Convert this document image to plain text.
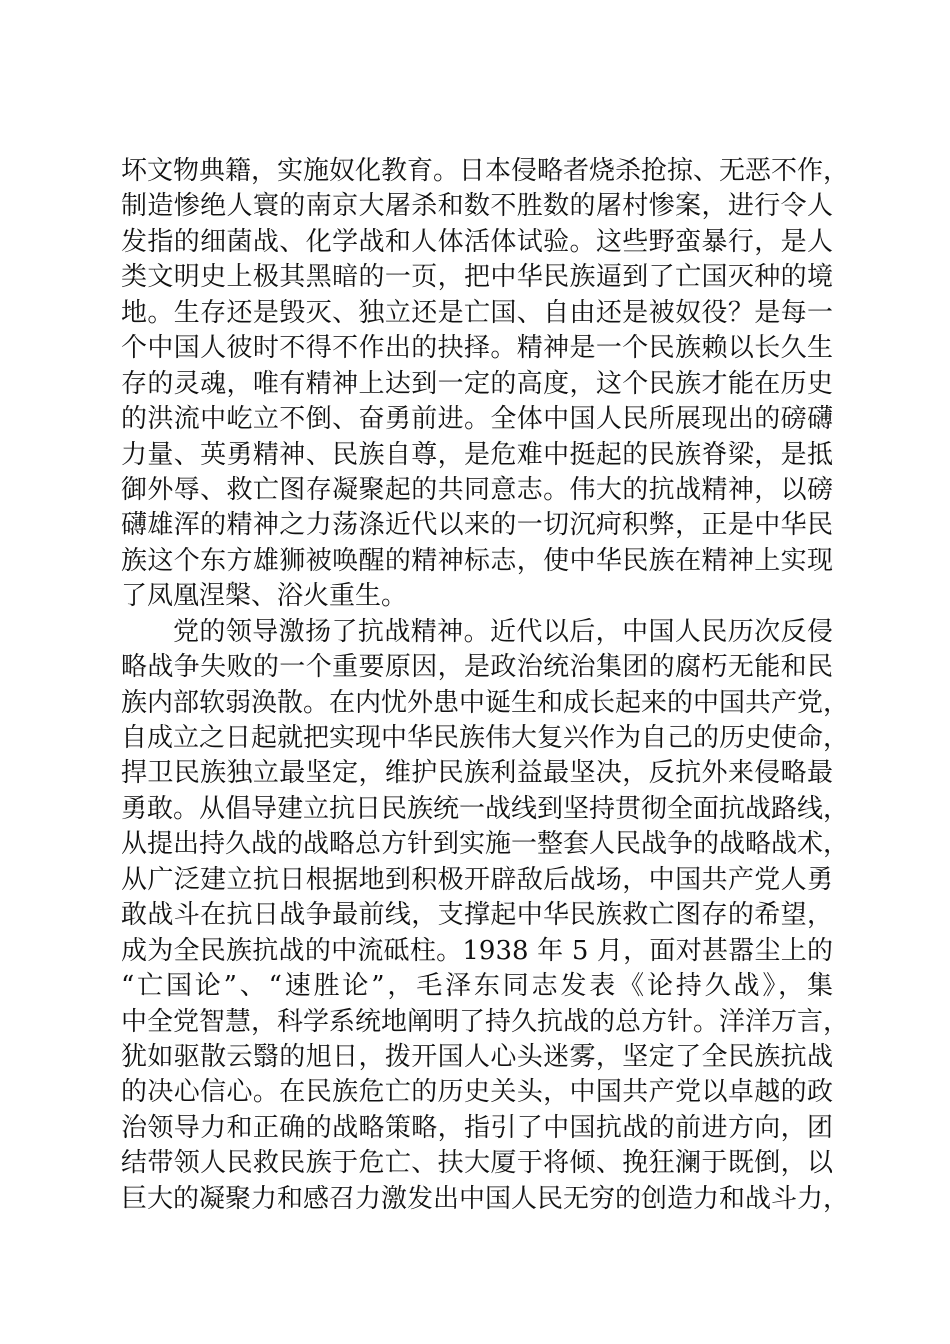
坏文物典籍，实施奴化教育。日本侵略者烧杀抢掠、无恶不作，
制造惨绝人寰的南京大屠杀和数不胜数的屠村惨案，进行令人
发指的细菌战、化学战和人体活体试验。这些野蛮暴行，是人
类文明史上极其黑暗的一页，把中华民族逼到了亡国灭种的境
地。生存还是毁灭、独立还是亡国、自由还是被奴役？是每一
个中国人彼时不得不作出的抉择。精神是一个民族赖以长久生
存的灵魂，唯有精神上达到一定的高度，这个民族才能在历史
的洪流中屹立不倒、奋勇前进。全体中国人民所展现出的磅礴
力量、英勇精神、民族自尊，是危难中挺起的民族脊梁，是抵
御外辱、救亡图存凝聚起的共同意志。伟大的抗战精神，以磅
礴雄浑的精神之力荡涤近代以来的一切沉疴积弊，正是中华民
族这个东方雄狮被唤醒的精神标志，使中华民族在精神上实现
了凤凰涅槃、浴火重生。
党的领导激扬了抗战精神。近代以后，中国人民历次反侵
略战争失败的一个重要原因，是政治统治集团的腐朽无能和民
族内部软弱涣散。在内忧外患中诞生和成长起来的中国共产党，
自成立之日起就把实现中华民族伟大复兴作为自己的历史使命，
捍卫民族独立最坚定，维护民族利益最坚决，反抗外来侵略最
勇敢。从倡导建立抗日民族统一战线到坚持贯彻全面抗战路线，
从提出持久战的战略总方针到实施一整套人民战争的战略战术，
从广泛建立抗日根据地到积极开辟敌后战场，中国共产党人勇
敢战斗在抗日战争最前线，支撑起中华民族救亡图存的希望，
成为全民族抗战的中流砥柱。1938 年 5 月，面对甚嚣尘上的
“亡国论”、“速胜论”，毛泽东同志发表《论持久战》，集
中全党智慧，科学系统地阐明了持久抗战的总方针。洋洋万言，
犹如驱散云翳的旭日，拨开国人心头迷雾，坚定了全民族抗战
的决心信心。在民族危亡的历史关头，中国共产党以卓越的政
治领导力和正确的战略策略，指引了中国抗战的前进方向，团
结带领人民救民族于危亡、扶大厦于将倾、挽狂澜于既倒，以
巨大的凝聚力和感召力激发出中国人民无穷的创造力和战斗力，
